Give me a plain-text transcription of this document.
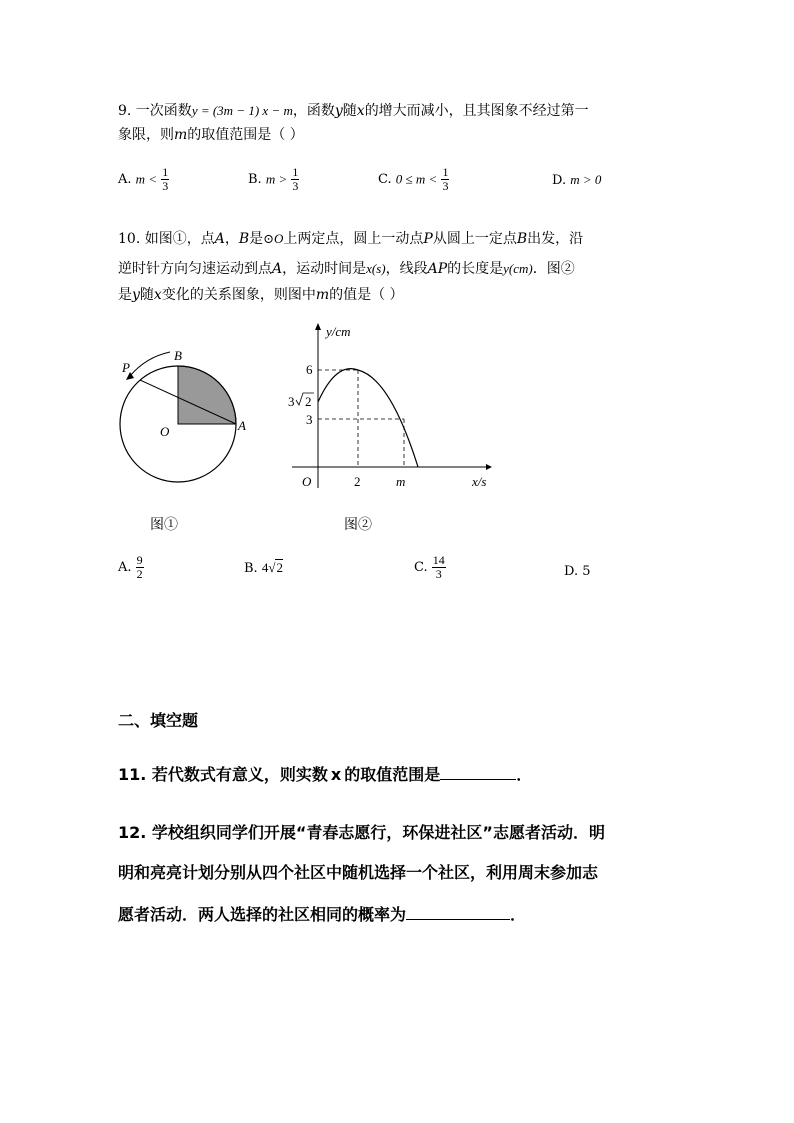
9. 一次函数y = (3m − 1) x − m，函数y随x的增大而减小，且其图象不经过第一
象限，则m的取值范围是（ ）
A. $m < \frac{1}{3}$	B. $m > \frac{1}{3}$	C. $0 \le m < \frac{1}{3}$	D. m > 0
10. 如图①，点A，B是⊙O上两定点，圆上一动点P从圆上一定点B出发，沿
逆时针方向匀速运动到点A，运动时间是x(s)，线段AP的长度是y(cm)．图②
是y随x变化的关系图象，则图中m的值是（ ）
P
B
O	A
图①
y/cm
6
3 2
3
O	2	m	x/s
图②
A. $\frac{9}{2}$	B. 4√2	C. $\frac{14}{3}$	D. 5
二、填空题
11. 若代数式有意义，则实数 x 的取值范围是	．
12. 学校组织同学们开展“青春志愿行，环保进社区”志愿者活动．明
明和亮亮计划分别从四个社区中随机选择一个社区，利用周末参加志
愿者活动．两人选择的社区相同的概率为	．
